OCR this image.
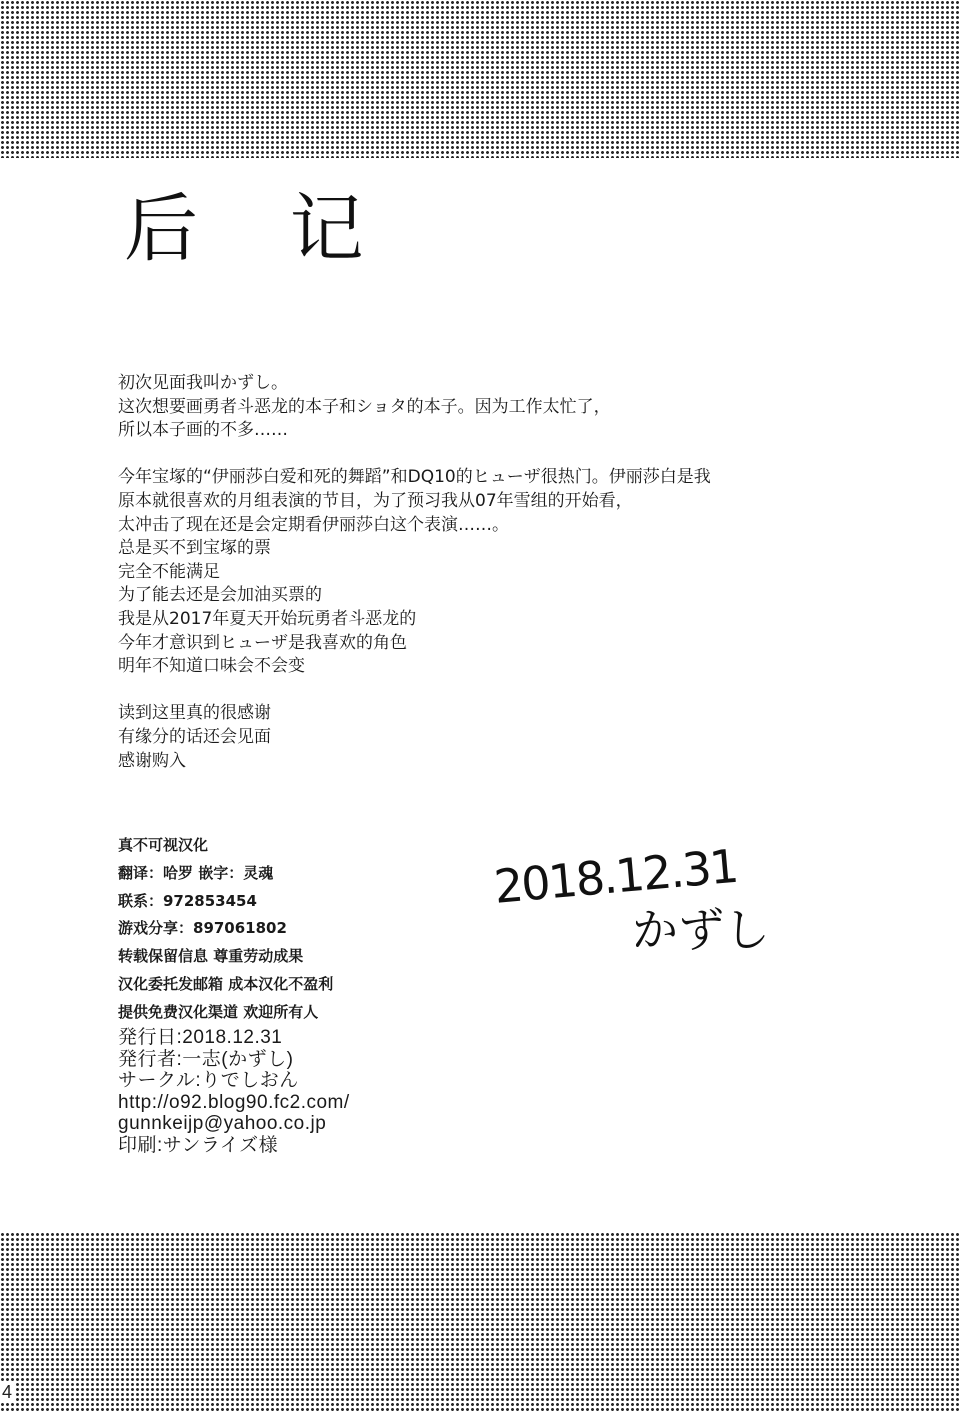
后 记
初次见面我叫かずし。
这次想要画勇者斗恶龙的本子和ショタ的本子。因为工作太忙了，
所以本子画的不多……
今年宝塚的“伊丽莎白爱和死的舞蹈”和DQ10的ヒューザ很热门。伊丽莎白是我
原本就很喜欢的月组表演的节目，为了预习我从07年雪组的开始看，
太冲击了现在还是会定期看伊丽莎白这个表演……。
总是买不到宝塚的票
完全不能满足
为了能去还是会加油买票的
我是从2017年夏天开始玩勇者斗恶龙的
今年才意识到ヒューザ是我喜欢的角色
明年不知道口味会不会变
读到这里真的很感谢
有缘分的话还会见面
感谢购入
真不可视汉化
翻译：哈罗 嵌字：灵魂
联系：972853454
游戏分享：897061802
转载保留信息 尊重劳动成果
汉化委托发邮箱 成本汉化不盈利
提供免费汉化渠道 欢迎所有人
発行日:2018.12.31
発行者:一志(かずし)
サークル:りでしおん
http://o92.blog90.fc2.com/
gunnkeijp@yahoo.co.jp
印刷:サンライズ様
2018.12.31
かずし
4
